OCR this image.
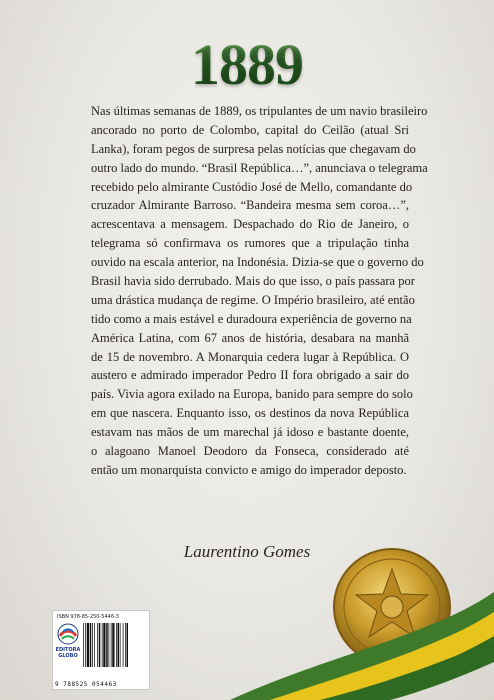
1889
Nas últimas semanas de 1889, os tripulantes de um navio brasileiro
ancorado no porto de Colombo, capital do Ceilão (atual Sri
Lanka), foram pegos de surpresa pelas notícias que chegavam do
outro lado do mundo. “Brasil República…”, anunciava o telegrama
recebido pelo almirante Custódio José de Mello, comandante do
cruzador Almirante Barroso. “Bandeira mesma sem coroa…”,
acrescentava a mensagem. Despachado do Rio de Janeiro, o
telegrama só confirmava os rumores que a tripulação tinha
ouvido na escala anterior, na Indonésia. Dizia-se que o governo do
Brasil havia sido derrubado. Mais do que isso, o país passara por
uma drástica mudança de regime. O Império brasileiro, até então
tido como a mais estável e duradoura experiência de governo na
América Latina, com 67 anos de história, desabara na manhã
de 15 de novembro. A Monarquia cedera lugar à República. O
austero e admirado imperador Pedro II fora obrigado a sair do
país. Vivia agora exilado na Europa, banido para sempre do solo
em que nascera. Enquanto isso, os destinos da nova República
estavam nas mãos de um marechal já idoso e bastante doente,
o alagoano Manoel Deodoro da Fonseca, considerado até
então um monarquista convicto e amigo do imperador deposto.
Laurentino Gomes
ISBN 978-85-250-5446-3
EDITORA GLOBO
9 788525 054463
